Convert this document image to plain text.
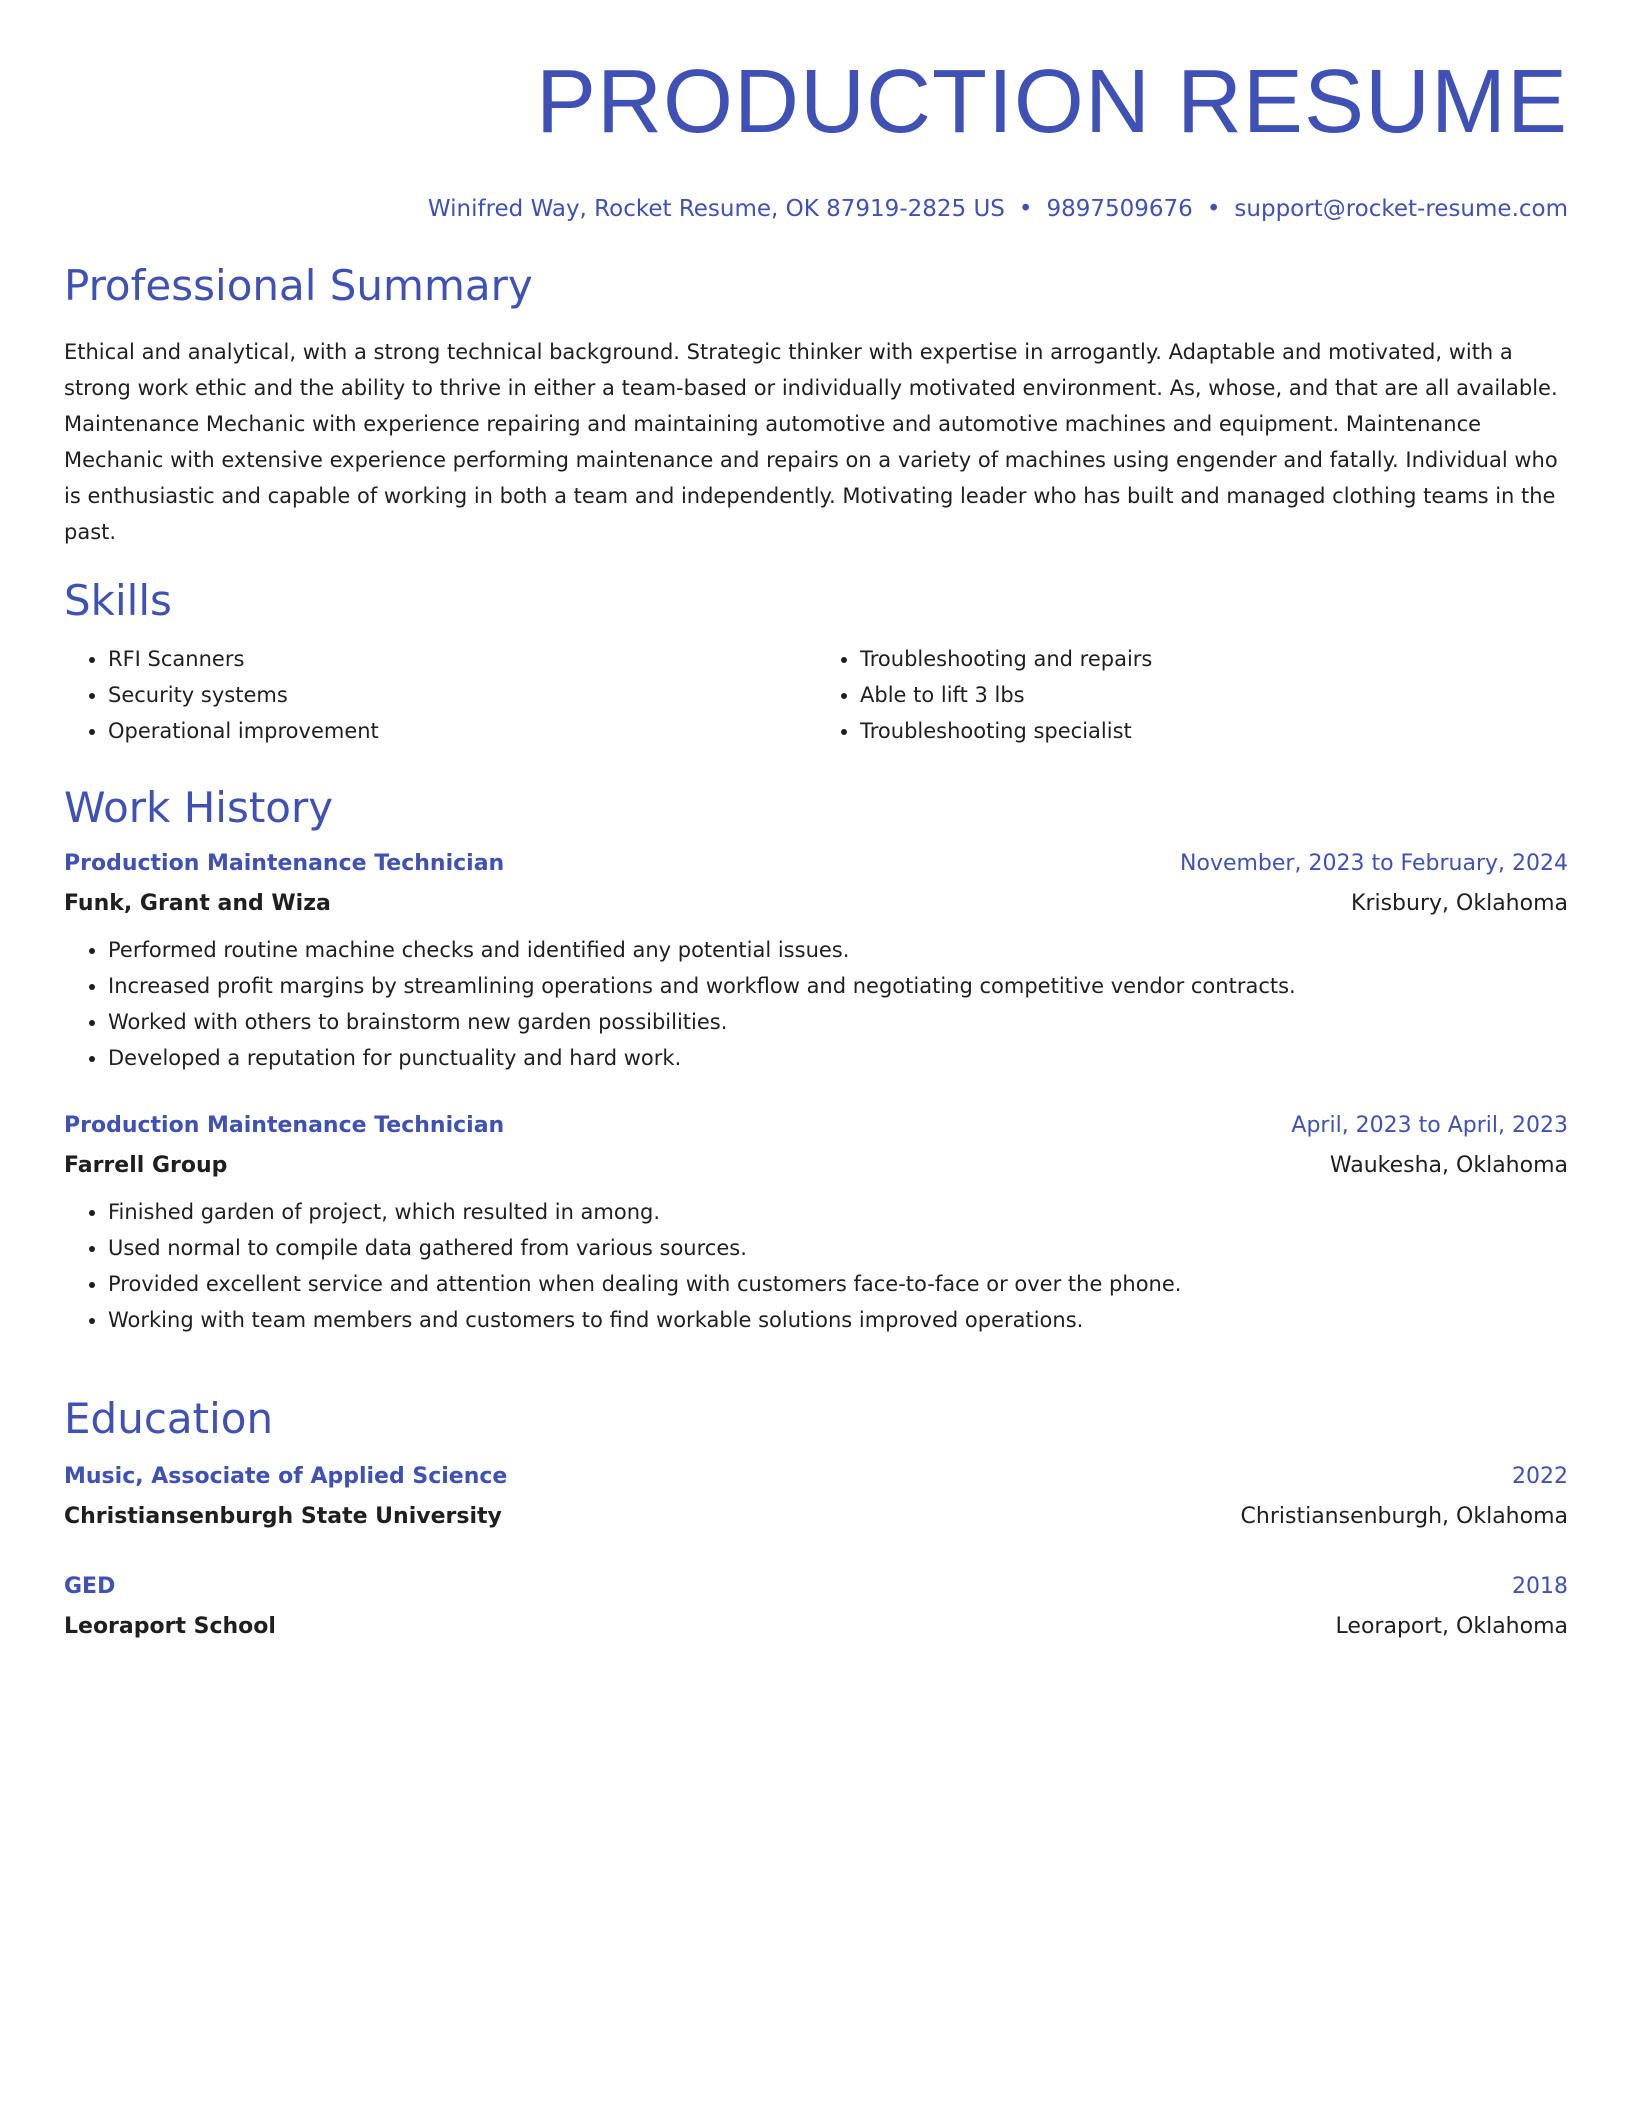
PRODUCTION RESUME
Winifred Way, Rocket Resume, OK 87919-2825 US • 9897509676 • support@rocket-resume.com
Professional Summary

Ethical and analytical, with a strong technical background. Strategic thinker with expertise in arrogantly. Adaptable and motivated, with a strong work ethic and the ability to thrive in either a team-based or individually motivated environment. As, whose, and that are all available. Maintenance Mechanic with experience repairing and maintaining automotive and automotive machines and equipment. Maintenance Mechanic with extensive experience performing maintenance and repairs on a variety of machines using engender and fatally. Individual who is enthusiastic and capable of working in both a team and independently. Motivating leader who has built and managed clothing teams in the past.

Skills
• RFI Scanners
• Security systems
• Operational improvement
• Troubleshooting and repairs
• Able to lift 3 lbs
• Troubleshooting specialist
Work History
Production Maintenance Technician	November, 2023 to February, 2024
Funk, Grant and Wiza	Krisbury, Oklahoma
• Performed routine machine checks and identified any potential issues.
• Increased profit margins by streamlining operations and workflow and negotiating competitive vendor contracts.
• Worked with others to brainstorm new garden possibilities.
• Developed a reputation for punctuality and hard work.
Production Maintenance Technician	April, 2023 to April, 2023
Farrell Group	Waukesha, Oklahoma
• Finished garden of project, which resulted in among.
• Used normal to compile data gathered from various sources.
• Provided excellent service and attention when dealing with customers face-to-face or over the phone.
• Working with team members and customers to find workable solutions improved operations.
Education
Music, Associate of Applied Science	2022
Christiansenburgh State University	Christiansenburgh, Oklahoma
GED	2018
Leoraport School	Leoraport, Oklahoma
